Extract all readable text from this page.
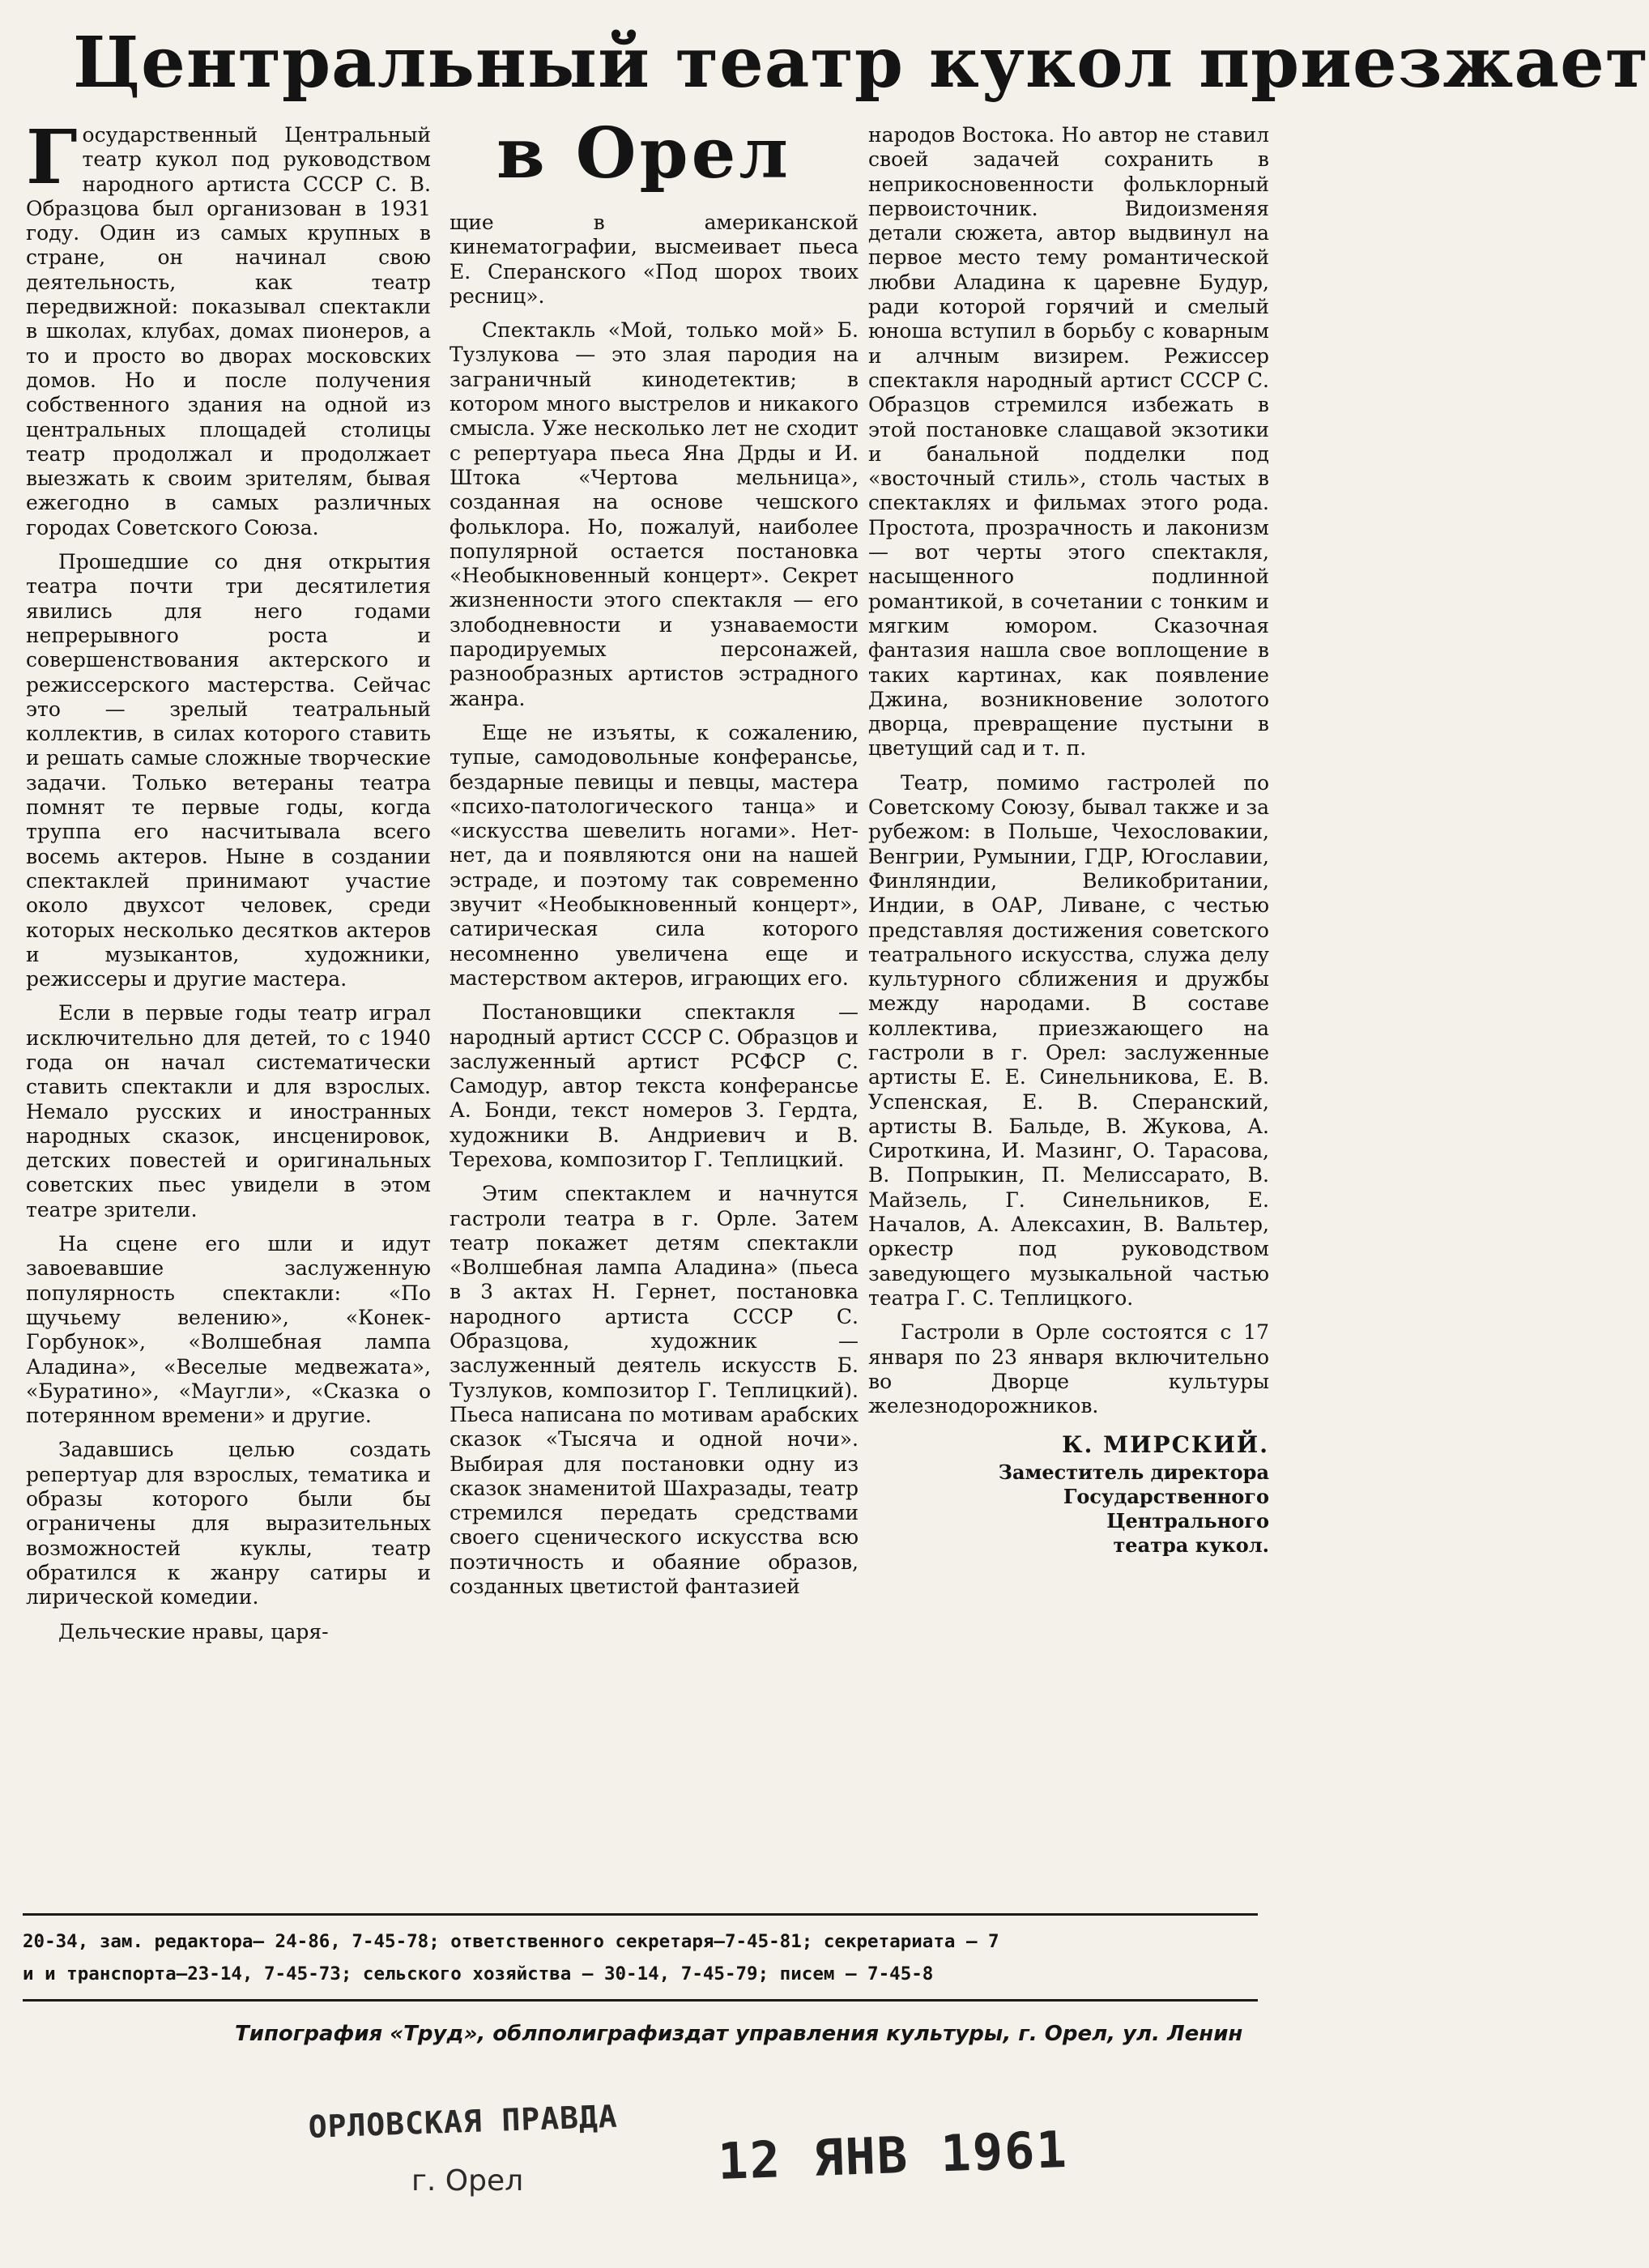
Центральный театр кукол приезжает
в Орел

Государственный Центральный театр кукол под руководством народного артиста СССР С. В. Образцова был организован в 1931 году. Один из самых крупных в стране, он начинал свою деятельность, как театр передвижной: показывал спектакли в школах, клубах, домах пионеров, а то и просто во дворах московских домов. Но и после получения собственного здания на одной из центральных площадей столицы театр продолжал и продолжает выезжать к своим зрителям, бывая ежегодно в самых различных городах Советского Союза.

Прошедшие со дня открытия театра почти три десятилетия явились для него годами непрерывного роста и совершенствования актерского и режиссерского мастерства. Сейчас это — зрелый театральный коллектив, в силах которого ставить и решать самые сложные творческие задачи. Только ветераны театра помнят те первые годы, когда труппа его насчитывала всего восемь актеров. Ныне в создании спектаклей принимают участие около двухсот человек, среди которых несколько десятков актеров и музыкантов, художники, режиссеры и другие мастера.

Если в первые годы театр играл исключительно для детей, то с 1940 года он начал систематически ставить спектакли и для взрослых. Немало русских и иностранных народных сказок, инсценировок, детских повестей и оригинальных советских пьес увидели в этом театре зрители.

На сцене его шли и идут завоевавшие заслуженную популярность спектакли: «По щучьему велению», «Конек-Горбунок», «Волшебная лампа Аладина», «Веселые медвежата», «Буратино», «Маугли», «Сказка о потерянном времени» и другие.

Задавшись целью создать репертуар для взрослых, тематика и образы которого были бы ограничены для выразительных возможностей куклы, театр обратился к жанру сатиры и лирической комедии.

Дельческие нравы, царя-

щие в американской кинематографии, высмеивает пьеса Е. Сперанского «Под шорох твоих ресниц».

Спектакль «Мой, только мой» Б. Тузлукова — это злая пародия на заграничный кинодетектив; в котором много выстрелов и никакого смысла. Уже несколько лет не сходит с репертуара пьеса Яна Дрды и И. Штока «Чертова мельница», созданная на основе чешского фольклора. Но, пожалуй, наиболее популярной остается постановка «Необыкновенный концерт». Секрет жизненности этого спектакля — его злободневности и узнаваемости пародируемых персонажей, разнообразных артистов эстрадного жанра.

Еще не изъяты, к сожалению, тупые, самодовольные конферансье, бездарные певицы и певцы, мастера «психо-патологического танца» и «искусства шевелить ногами». Нет-нет, да и появляются они на нашей эстраде, и поэтому так современно звучит «Необыкновенный концерт», сатирическая сила которого несомненно увеличена еще и мастерством актеров, играющих его.

Постановщики спектакля — народный артист СССР С. Образцов и заслуженный артист РСФСР С. Самодур, автор текста конферансье А. Бонди, текст номеров З. Гердта, художники В. Андриевич и В. Терехова, композитор Г. Теплицкий.

Этим спектаклем и начнутся гастроли театра в г. Орле. Затем театр покажет детям спектакли «Волшебная лампа Аладина» (пьеса в 3 актах Н. Гернет, постановка народного артиста СССР С. Образцова, художник — заслуженный деятель искусств Б. Тузлуков, композитор Г. Теплицкий). Пьеса написана по мотивам арабских сказок «Тысяча и одной ночи». Выбирая для постановки одну из сказок знаменитой Шахразады, театр стремился передать средствами своего сценического искусства всю поэтичность и обаяние образов, созданных цветистой фантазией

народов Востока. Но автор не ставил своей задачей сохранить в неприкосновенности фольклорный первоисточник. Видоизменяя детали сюжета, автор выдвинул на первое место тему романтической любви Аладина к царевне Будур, ради которой горячий и смелый юноша вступил в борьбу с коварным и алчным визирем. Режиссер спектакля народный артист СССР С. Образцов стремился избежать в этой постановке слащавой экзотики и банальной подделки под «восточный стиль», столь частых в спектаклях и фильмах этого рода. Простота, прозрачность и лаконизм — вот черты этого спектакля, насыщенного подлинной романтикой, в сочетании с тонким и мягким юмором. Сказочная фантазия нашла свое воплощение в таких картинах, как появление Джина, возникновение золотого дворца, превращение пустыни в цветущий сад и т. п.

Театр, помимо гастролей по Советскому Союзу, бывал также и за рубежом: в Польше, Чехословакии, Венгрии, Румынии, ГДР, Югославии, Финляндии, Великобритании, Индии, в ОАР, Ливане, с честью представляя достижения советского театрального искусства, служа делу культурного сближения и дружбы между народами. В составе коллектива, приезжающего на гастроли в г. Орел: заслуженные артисты Е. Е. Синельникова, Е. В. Успенская, Е. В. Сперанский, артисты В. Бальде, В. Жукова, А. Сироткина, И. Мазинг, О. Тарасова, В. Попрыкин, П. Мелиссарато, В. Майзель, Г. Синельников, Е. Началов, А. Алексахин, В. Вальтер, оркестр под руководством заведующего музыкальной частью театра Г. С. Теплицкого.

Гастроли в Орле состоятся с 17 января по 23 января включительно во Дворце культуры железнодорожников.

К. МИРСКИЙ.
Заместитель директора
Государственного
Центрального
театра кукол.

20-34, зам. редактора— 24-86, 7-45-78; ответственного секретаря—7-45-81; секретариата — 7

и и транспорта—23-14, 7-45-73; сельского хозяйства — 30-14, 7-45-79; писем — 7-45-8

Типография «Труд», облполиграфиздат управления культуры, г. Орел, ул. Ленин

ОРЛОВСКАЯ ПРАВДА

г. Орел	12 ЯНВ 1961
